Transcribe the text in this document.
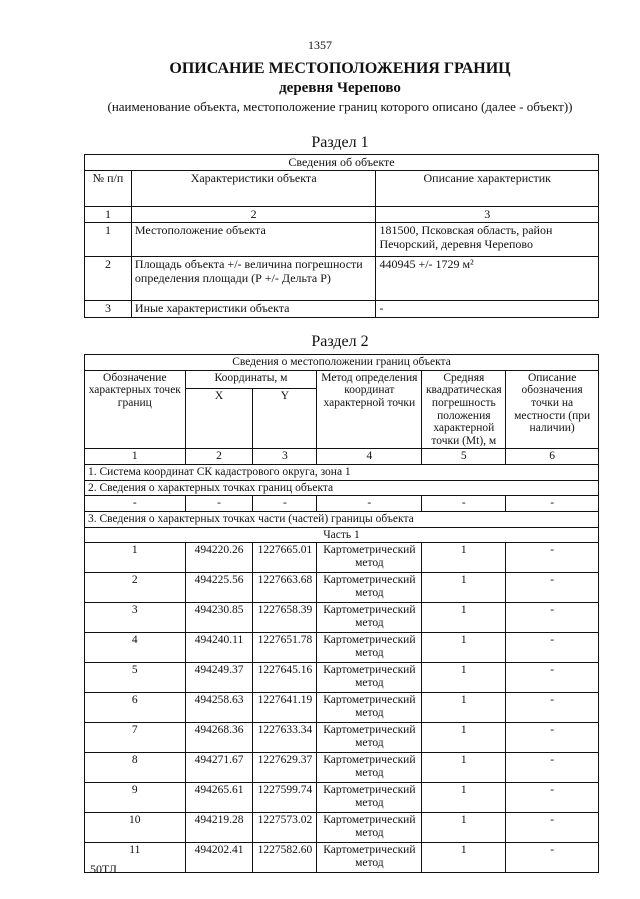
1357
ОПИСАНИЕ МЕСТОПОЛОЖЕНИЯ ГРАНИЦ
деревня Черепово
(наименование объекта, местоположение границ которого описано (далее - объект))
Раздел 1
Сведения об объекте		
№ п/п	Характеристики объекта	Описание характеристик
1	2	3
1	Местоположение объекта	181500, Псковская область, район Печорский, деревня Черепово
2	Площадь объекта +/- величина погрешности определения площади (Р +/- Дельта Р)	440945 +/- 1729 м²
3	Иные характеристики объекта	-
Раздел 2
Сведения о местоположении границ объекта					
Обозначение характерных точек границ	Координаты, м		Метод определения координат характерной точки	Средняя квадратическая погрешность положения характерной точки (Mt), м	Описание обозначения точки на местности (при наличии)
	X	Y			
1	2	3	4	5	6
1. Система координат СК кадастрового округа, зона 1					
2. Сведения о характерных точках границ объекта					
-	-	-	-	-	-
3. Сведения о характерных точках части (частей) границы объекта					
Часть 1					
1	494220.26	1227665.01	Картометрический метод	1	-
2	494225.56	1227663.68	Картометрический метод	1	-
3	494230.85	1227658.39	Картометрический метод	1	-
4	494240.11	1227651.78	Картометрический метод	1	-
5	494249.37	1227645.16	Картометрический метод	1	-
6	494258.63	1227641.19	Картометрический метод	1	-
7	494268.36	1227633.34	Картометрический метод	1	-
8	494271.67	1227629.37	Картометрический метод	1	-
9	494265.61	1227599.74	Картометрический метод	1	-
10	494219.28	1227573.02	Картометрический метод	1	-
11	494202.41	1227582.60	Картометрический метод	1	-
50ТЛ
